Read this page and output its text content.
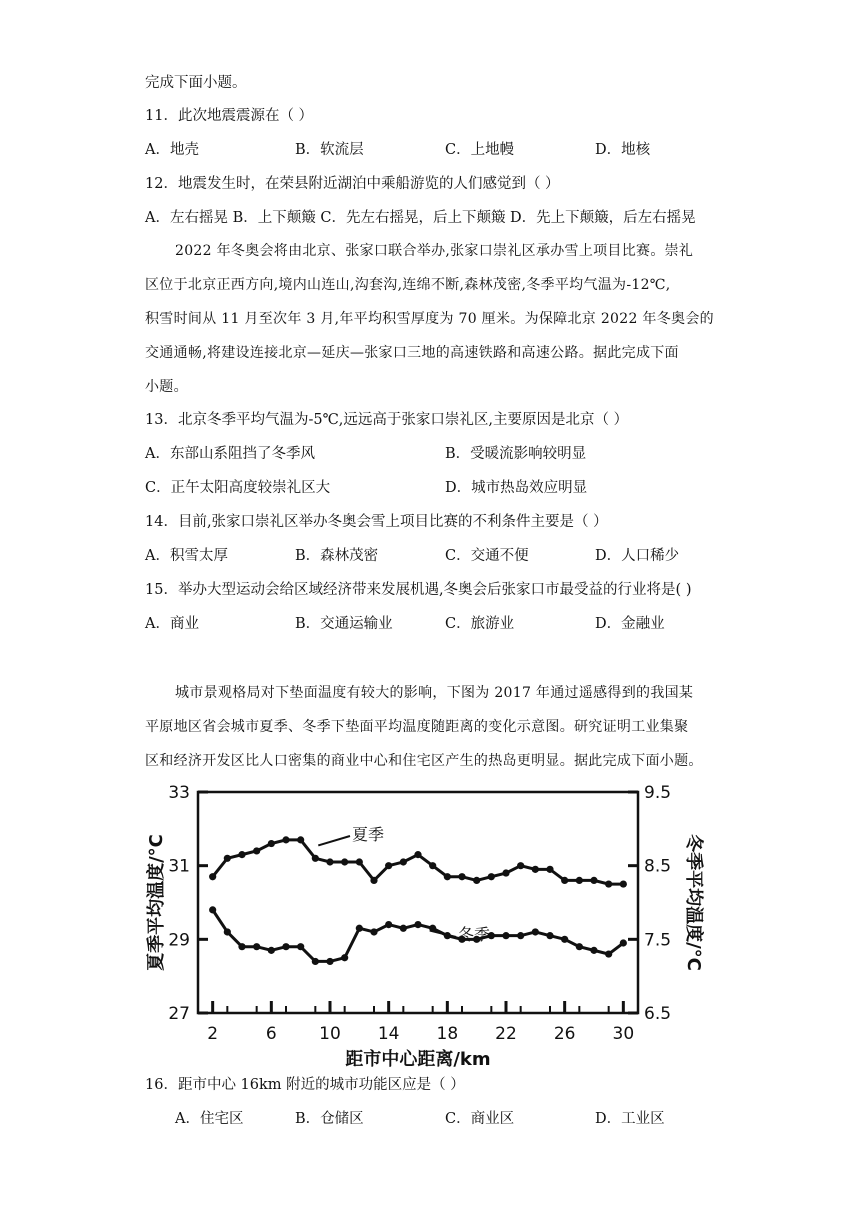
完成下面小题。
11．此次地震震源在（ ）
A．地壳	B．软流层	C．上地幔	D．地核
12．地震发生时，在荣县附近湖泊中乘船游览的人们感觉到（ ）
A．左右摇晃 B．上下颠簸 C．先左右摇晃，后上下颠簸 D．先上下颠簸，后左右摇晃
2022 年冬奥会将由北京、张家口联合举办,张家口崇礼区承办雪上项目比赛。崇礼
区位于北京正西方向,境内山连山,沟套沟,连绵不断,森林茂密,冬季平均气温为-12℃,
积雪时间从 11 月至次年 3 月,年平均积雪厚度为 70 厘米。为保障北京 2022 年冬奥会的
交通通畅,将建设连接北京—延庆—张家口三地的高速铁路和高速公路。据此完成下面
小题。
13．北京冬季平均气温为-5℃,远远高于张家口崇礼区,主要原因是北京（ ）
A．东部山系阻挡了冬季风	B．受暖流影响较明显
C．正午太阳高度较崇礼区大	D．城市热岛效应明显
14．目前,张家口崇礼区举办冬奥会雪上项目比赛的不利条件主要是（ ）
A．积雪太厚	B．森林茂密	C．交通不便	D．人口稀少
15．举办大型运动会给区域经济带来发展机遇,冬奥会后张家口市最受益的行业将是( )
A．商业	B．交通运输业	C．旅游业	D．金融业
城市景观格局对下垫面温度有较大的影响，下图为 2017 年通过遥感得到的我国某
平原地区省会城市夏季、冬季下垫面平均温度随距离的变化示意图。研究证明工业集聚
区和经济开发区比人口密集的商业中心和住宅区产生的热岛更明显。据此完成下面小题。
2	6 10 14 18 22 26 30
27
29
31
33
6.5
7.5
8.5
9.5
夏季
冬季
距市中心距离/km
夏季平均温度/°C	冬季平均温度/°C
16．距市中心 16km 附近的城市功能区应是（ ）
A．住宅区	B．仓储区	C．商业区	D．工业区
